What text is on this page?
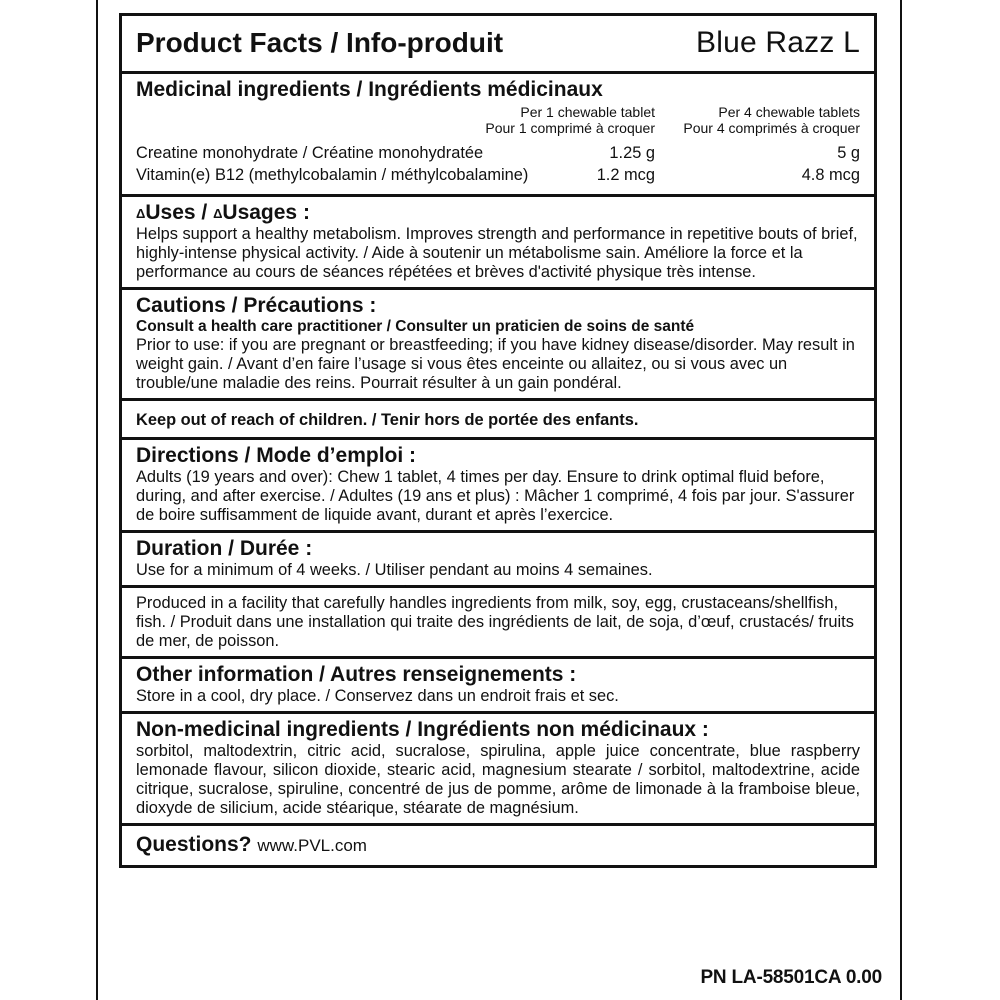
Product Facts / Info-produit	Blue Razz L
Medicinal ingredients / Ingrédients médicinaux
Per 1 chewable tablet
Pour 1 comprimé à croquer
Per 4 chewable tablets
Pour 4 comprimés à croquer
Creatine monohydrate / Créatine monohydratée	1.25 g	5 g
Vitamin(e) B12 (methylcobalamin / méthylcobalamine)	1.2 mcg	4.8 mcg
$^\Delta$Uses / $^\Delta$Usages :
Helps support a healthy metabolism. Improves strength and performance in repetitive bouts of brief, highly-intense physical activity. / Aide à soutenir un métabolisme sain. Améliore la force et la performance au cours de séances répétées et brèves d'activité physique très intense.
Cautions / Précautions :
Consult a health care practitioner / Consulter un praticien de soins de santé
Prior to use: if you are pregnant or breastfeeding; if you have kidney disease/disorder. May result in weight gain. / Avant d’en faire l’usage si vous êtes enceinte ou allaitez, ou si vous avec un trouble/une maladie des reins. Pourrait résulter à un gain pondéral.
Keep out of reach of children. / Tenir hors de portée des enfants.
Directions / Mode d’emploi :
Adults (19 years and over): Chew 1 tablet, 4 times per day. Ensure to drink optimal fluid before, during, and after exercise. / Adultes (19 ans et plus) : Mâcher 1 comprimé, 4 fois par jour. S'assurer de boire suffisamment de liquide avant, durant et après l’exercice.
Duration / Durée :
Use for a minimum of 4 weeks. / Utiliser pendant au moins 4 semaines.
Produced in a facility that carefully handles ingredients from milk, soy, egg, crustaceans/shellfish, fish. / Produit dans une installation qui traite des ingrédients de lait, de soja, d’œuf, crustacés/ fruits de mer, de poisson.
Other information / Autres renseignements :
Store in a cool, dry place. / Conservez dans un endroit frais et sec.
Non-medicinal ingredients / Ingrédients non médicinaux :
sorbitol, maltodextrin, citric acid, sucralose, spirulina, apple juice concentrate, blue raspberry lemonade flavour, silicon dioxide, stearic acid, magnesium stearate / sorbitol, maltodextrine, acide citrique, sucralose, spiruline, concentré de jus de pomme, arôme de limonade à la framboise bleue, dioxyde de silicium, acide stéarique, stéarate de magnésium.
Questions? www.PVL.com
PN LA-58501CA 0.00
